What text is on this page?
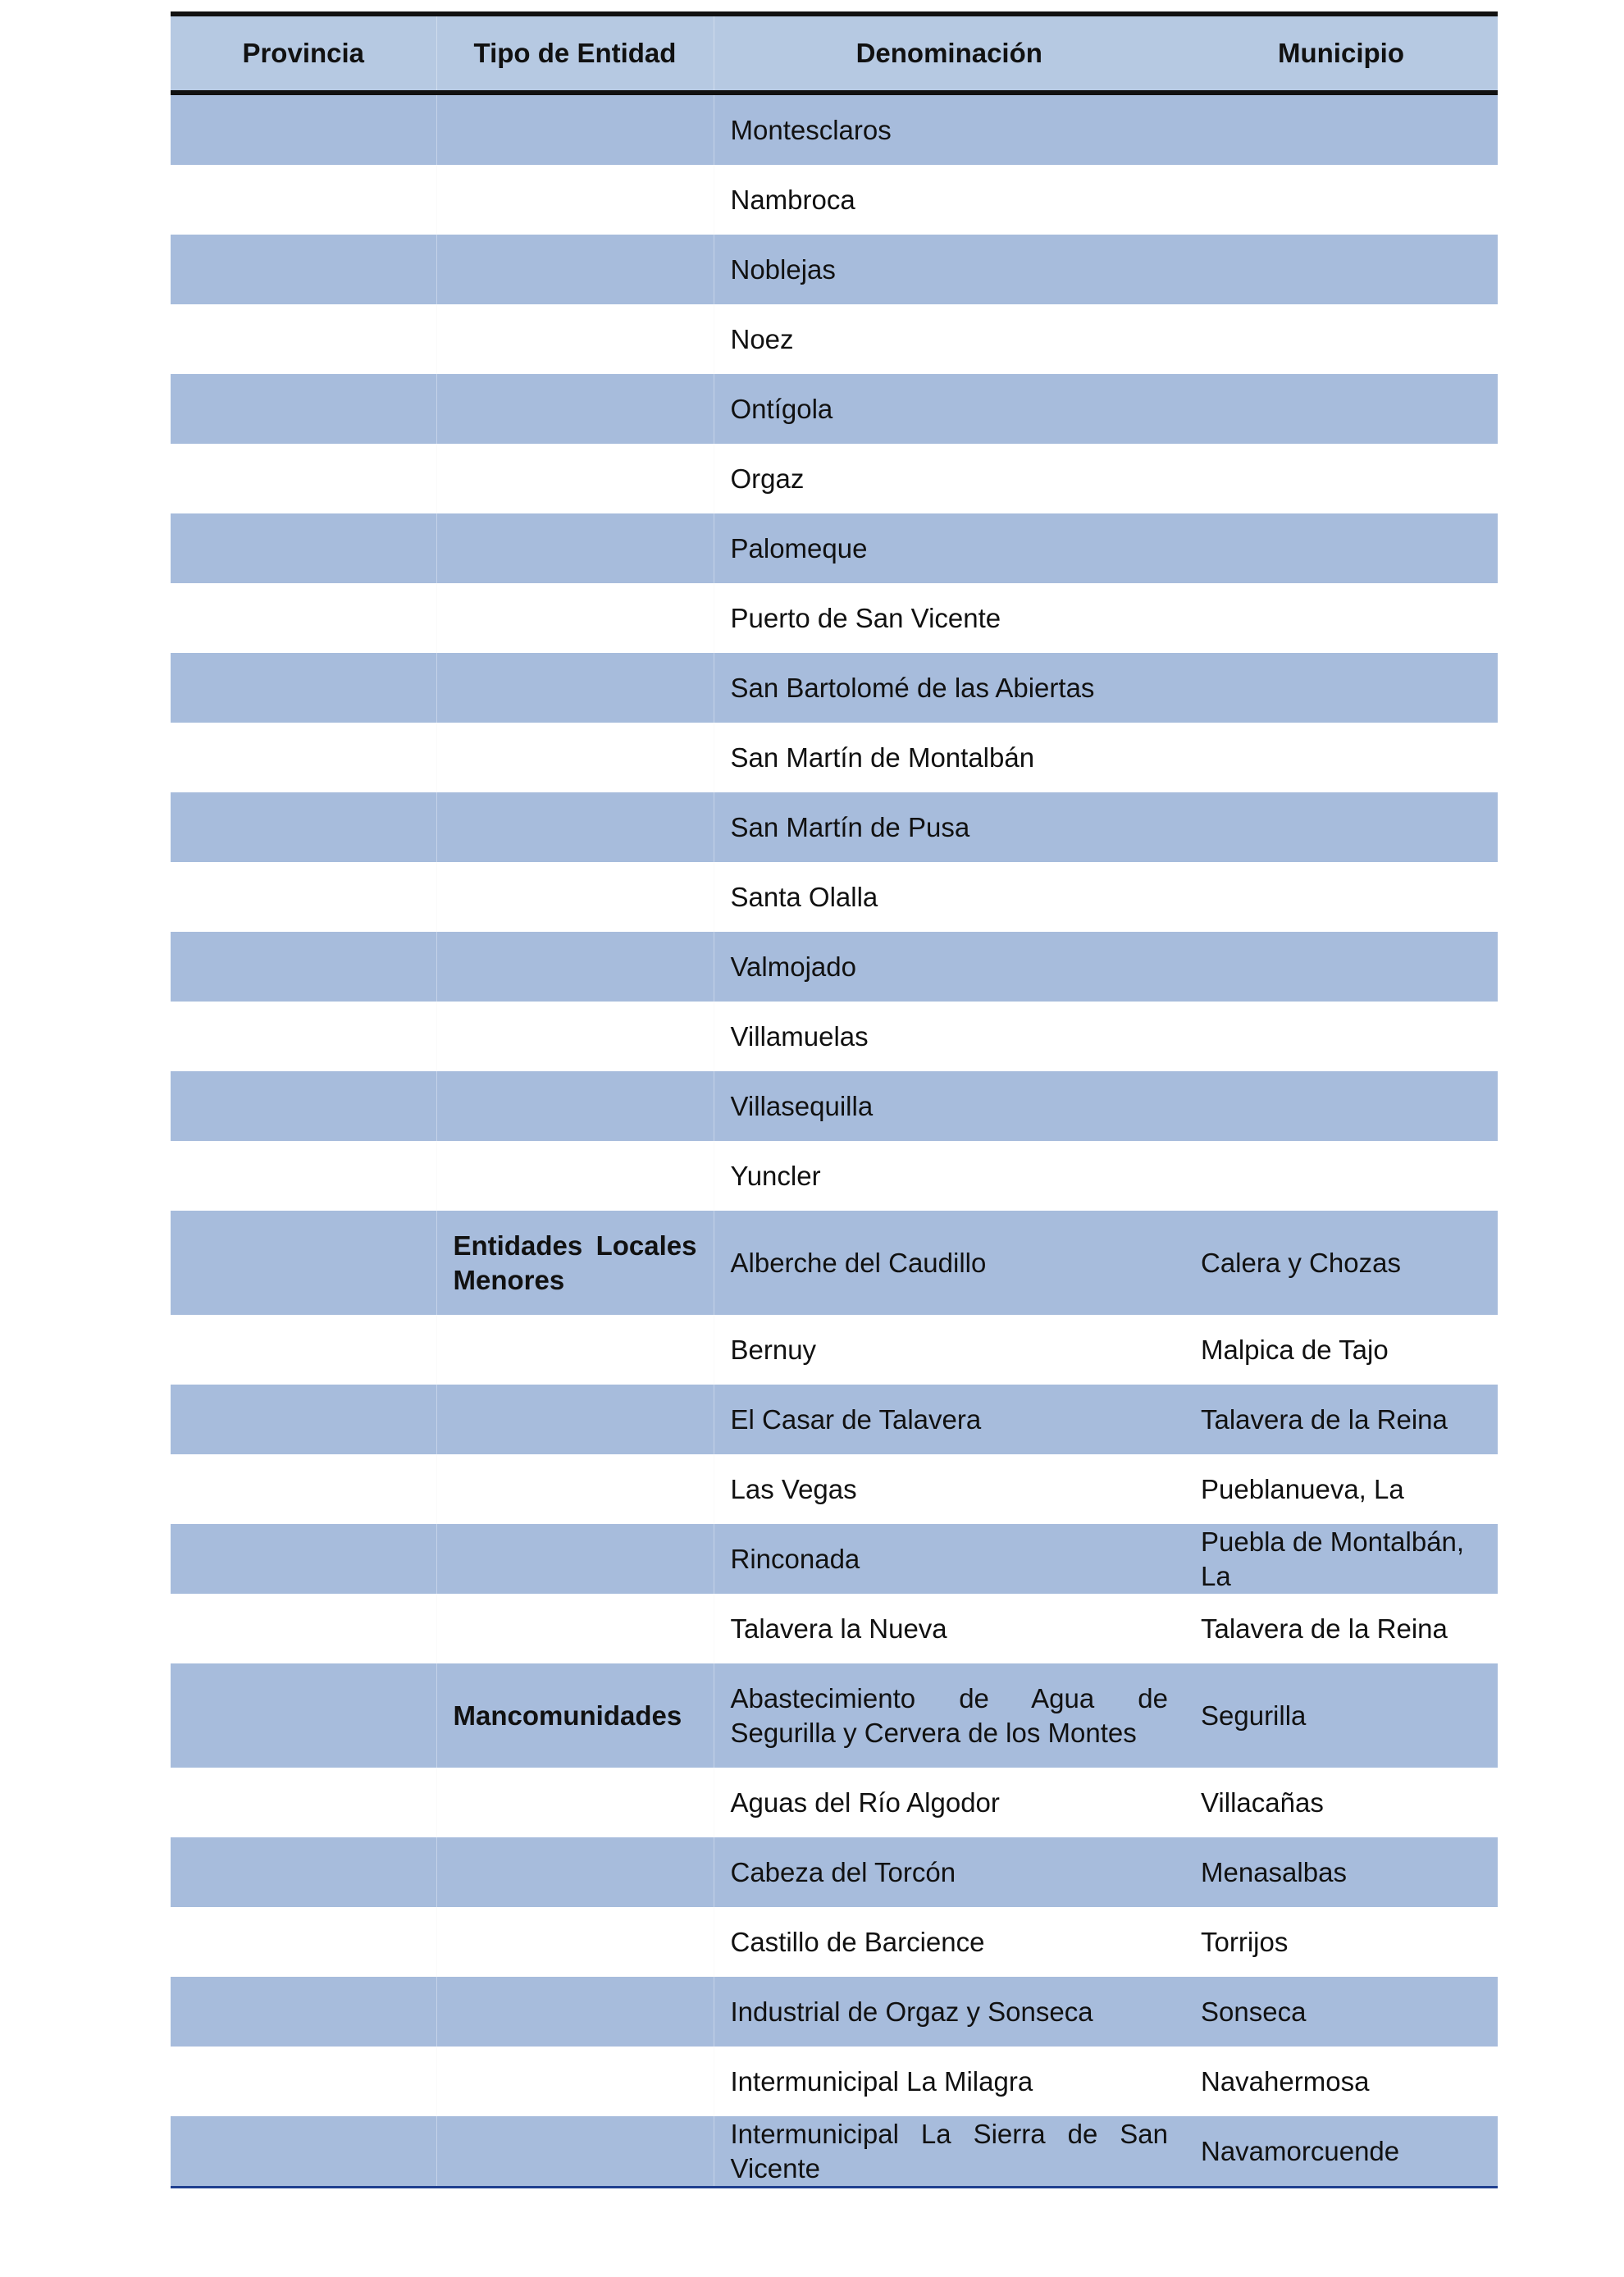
Provincia	Tipo de Entidad	Denominación	Municipio
		Montesclaros	
		Nambroca	
		Noblejas	
		Noez	
		Ontígola	
		Orgaz	
		Palomeque	
		Puerto de San Vicente	
		San Bartolomé de las Abiertas	
		San Martín de Montalbán	
		San Martín de Pusa	
		Santa Olalla	
		Valmojado	
		Villamuelas	
		Villasequilla	
		Yuncler	
	Entidades Locales Menores	Alberche del Caudillo	Calera y Chozas
		Bernuy	Malpica de Tajo
		El Casar de Talavera	Talavera de la Reina
		Las Vegas	Pueblanueva, La
		Rinconada	Puebla de Montalbán, La
		Talavera la Nueva	Talavera de la Reina
	Mancomunidades	Abastecimiento de Agua de Segurilla y Cervera de los Montes	Segurilla
		Aguas del Río Algodor	Villacañas
		Cabeza del Torcón	Menasalbas
		Castillo de Barcience	Torrijos
		Industrial de Orgaz y Sonseca	Sonseca
		Intermunicipal La Milagra	Navahermosa
		Intermunicipal La Sierra de San Vicente	Navamorcuende
